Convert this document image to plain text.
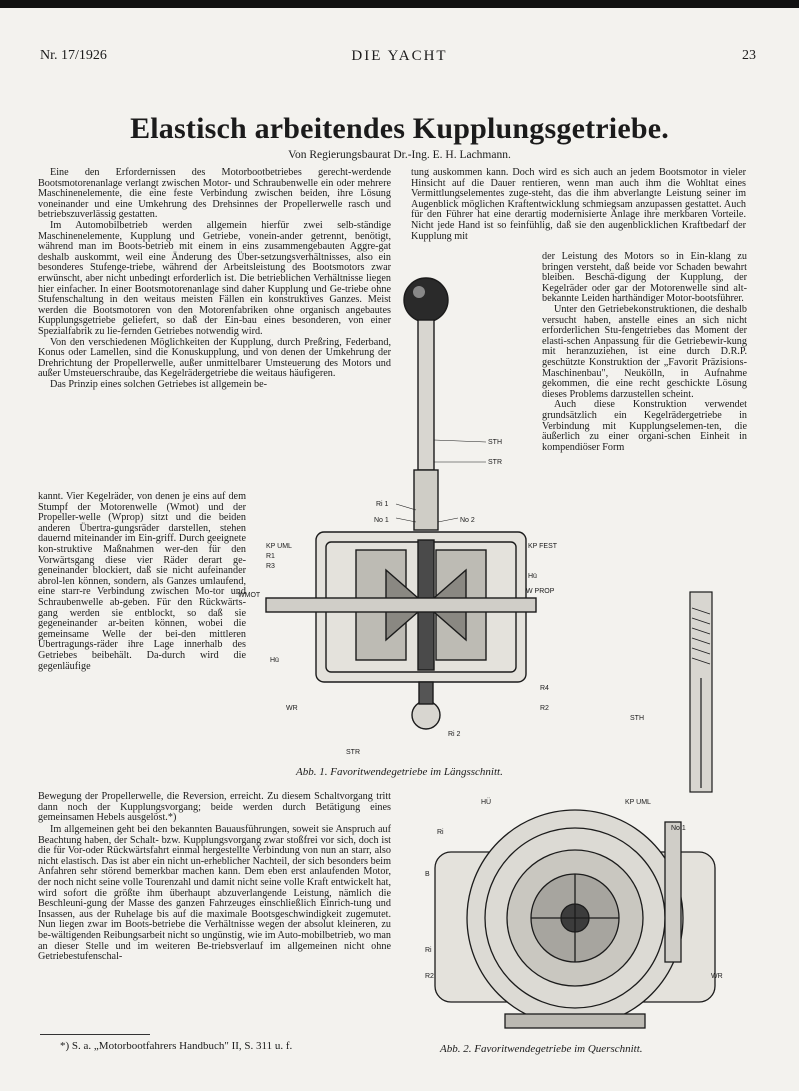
Nr. 17/1926	DIE YACHT	23
Elastisch arbeitendes Kupplungsgetriebe.
Von Regierungsbaurat Dr.-Ing. E. H. Lachmann.

Eine den Erfordernissen des Motorbootbetriebes gerecht-werdende Bootsmotorenanlage verlangt zwischen Motor- und Schraubenwelle ein oder mehrere Maschinenelemente, die eine feste Verbindung zwischen beiden, ihre Lösung voneinander und eine Umkehrung des Drehsinnes der Propellerwelle rasch und betriebszuverlässig gestatten.

Im Automobilbetrieb werden allgemein hierfür zwei selb-ständige Maschinenelemente, Kupplung und Getriebe, vonein-ander getrennt, benötigt, während man im Boots-betrieb mit einem in eins zusammengebauten Aggre-gat deshalb auskommt, weil eine Änderung des Über-setzungsverhältnisses, also ein besonderes Stufenge-triebe, während der Arbeitsleistung des Bootsmotors zwar erwünscht, aber nicht unbedingt erforderlich ist. Die betrieblichen Verhältnisse liegen hier einfacher. In einer Bootsmotorenanlage sind daher Kupplung und Ge-triebe ohne Stufenschaltung in den weitaus meisten Fällen ein konstruktives Ganzes. Meist werden die Bootsmotoren von den Motorenfabriken ohne organisch angebautes Kupplungsgetriebe geliefert, so daß der Ein-bau eines besonderen, von einer Spezialfabrik zu lie-fernden Getriebes notwendig wird.

Von den verschiedenen Möglichkeiten der Kupplung, durch Preßring, Federband, Konus oder Lamellen, sind die Konuskupplung, und von denen der Umkehrung der Drehrichtung der Propellerwelle, außer unmittelbarer Umsteuerung des Motors und außer Umsteuerschraube, das Kegelrädergetriebe die weitaus häufigeren.

Das Prinzip eines solchen Getriebes ist allgemein be-

kannt. Vier Kegelräder, von denen je eins auf dem Stumpf der Motorenwelle (Wmot) und der Propeller-welle (Wprop) sitzt und die beiden anderen Übertra-gungsräder darstellen, stehen dauernd miteinander im Ein-griff. Durch geeignete kon-struktive Maßnahmen wer-den für den Vorwärtsgang diese vier Räder derart ge-geneinander blockiert, daß sie nicht aufeinander abrol-len können, sondern, als Ganzes umlaufend, eine starr-re Verbindung zwischen Mo-tor und Schraubenwelle ab-geben. Für den Rückwärts-gang werden sie entblockt, so daß sie gegeneinander ar-beiten können, wobei die gemeinsame Welle der bei-den mittleren Übertragungs-räder ihre Lage innerhalb des Getriebes beibehält. Da-durch wird die gegenläufige

Bewegung der Propellerwelle, die Reversion, erreicht. Zu diesem Schaltvorgang tritt dann noch der Kupplungsvorgang; beide werden durch Betätigung eines gemeinsamen Hebels ausgelöst.*)

Im allgemeinen geht bei den bekannten Bauausführungen, soweit sie Anspruch auf Beachtung haben, der Schalt- bzw. Kupplungsvorgang zwar stoßfrei vor sich, doch ist die für Vor-oder Rückwärtsfahrt einmal hergestellte Verbindung von nun an starr, also nicht elastisch. Das ist aber ein nicht un-erheblicher Nachteil, der sich besonders beim Anfahren sehr störend bemerkbar machen kann. Dem eben erst anlaufenden Motor, der noch nicht seine volle Tourenzahl und damit nicht seine volle Kraft entwickelt hat, wird sofort die größte ihm überhaupt abzuverlangende Leistung, nämlich die Beschleuni-gung der Masse des ganzen Fahrzeuges einschließlich Einrich-tung und Insassen, aus der Ruhelage bis auf die maximale Bootsgeschwindigkeit zugemutet. Nun liegen zwar im Boots-betriebe die Verhältnisse wegen der absolut kleineren, zu be-wältigenden Reibungsarbeit nicht so ungünstig, wie im Auto-mobilbetrieb, wo man an dieser Stelle und im weiteren Be-triebsverlauf im allgemeinen nicht ohne Getriebestufenschal-

tung auskommen kann. Doch wird es sich auch an jedem Bootsmotor in vieler Hinsicht auf die Dauer rentieren, wenn man auch ihm die Wohltat eines Vermittlungselementes zuge-steht, das die ihm abverlangte Leistung seiner im Augenblick möglichen Kraftentwicklung schmiegsam anzupassen gestattet. Auch für den Führer hat eine derartig modernisierte Anlage ihre merkbaren Vorteile. Nicht jede Hand ist so feinfühlig, daß sie den augenblicklichen Kraftbedarf der Kupplung mit

der Leistung des Motors so in Ein-klang zu bringen versteht, daß beide vor Schaden bewahrt bleiben. Beschä-digung der Kupplung, der Kegelräder oder gar der Motorenwelle sind alt-bekannte Leiden harthändiger Motor-bootsführer.

Unter den Getriebekonstruktionen, die deshalb versucht haben, anstelle eines an sich nicht erforderlichen Stu-fengetriebes das Moment der elasti-schen Anpassung für die Getriebewir-kung mit heranzuziehen, ist eine durch D.R.P. geschützte Konstruktion der „Favorit Präzisions-Maschinenbau", Neukölln, in Aufnahme gekommen, die eine recht geschickte Lösung dieses Problems darzustellen scheint.

Auch diese Konstruktion verwendet grundsätzlich ein Kegelrädergetriebe in Verbindung mit Kupplungselemen-ten, die äußerlich zu einer organi-schen Einheit in kompendiöser Form

STH
STR
Ri 1
No 1	No 2
KP UML
R1
R3
WMOT
KP FEST
Hü
W PROP
Hü
WR
STR
Ri 2
R4
R2
STH
Abb. 1. Favoritwendegetriebe im Längsschnitt.
HÜ	KP UML
Ri
No 1
B
Ri
R2	WR
Abb. 2. Favoritwendegetriebe im Querschnitt.
*) S. a. „Motorbootfahrers Handbuch" II, S. 311 u. f.
